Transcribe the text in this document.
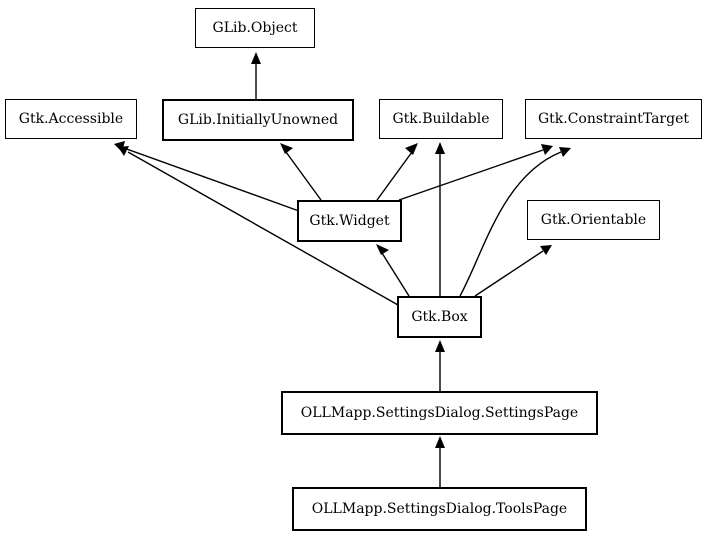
GLib.Object
Gtk.Accessible	GLib.InitiallyUnowned	Gtk.Buildable	Gtk.ConstraintTarget
Gtk.Widget	Gtk.Orientable
Gtk.Box
OLLMapp.SettingsDialog.SettingsPage
OLLMapp.SettingsDialog.ToolsPage
